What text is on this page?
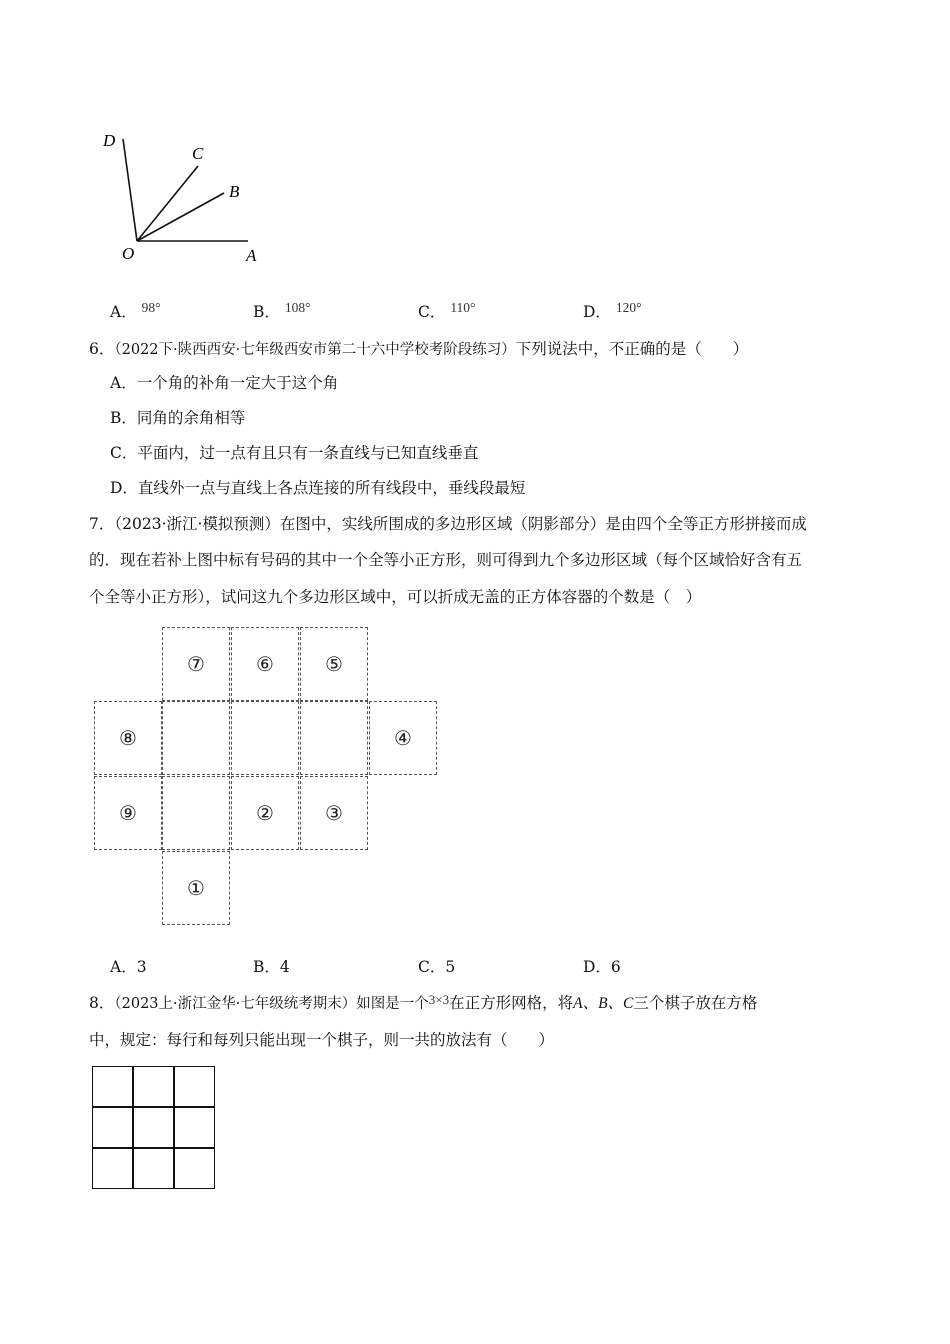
D
C
B
O	A
A． 98°	B． 108°	C． 110°	D． 120°
6．（2022下·陕西西安·七年级西安市第二十六中学校考阶段练习）下列说法中，不正确的是（　　）
A．一个角的补角一定大于这个角
B．同角的余角相等
C．平面内，过一点有且只有一条直线与已知直线垂直
D．直线外一点与直线上各点连接的所有线段中，垂线段最短
7．（2023·浙江·模拟预测）在图中，实线所围成的多边形区域（阴影部分）是由四个全等正方形拼接而成
的．现在若补上图中标有号码的其中一个全等小正方形，则可得到九个多边形区域（每个区域恰好含有五
个全等小正方形），试问这九个多边形区域中，可以折成无盖的正方体容器的个数是（　）
⑦	⑥	⑤
⑧	④
⑨	②	③
①
A．3	B．4	C．5	D．6
8．（2023上·浙江金华·七年级统考期末）如图是一个$^{3\times 3}$在正方形网格，将A、B、C三个棋子放在方格
中，规定：每行和每列只能出现一个棋子，则一共的放法有（　　）
